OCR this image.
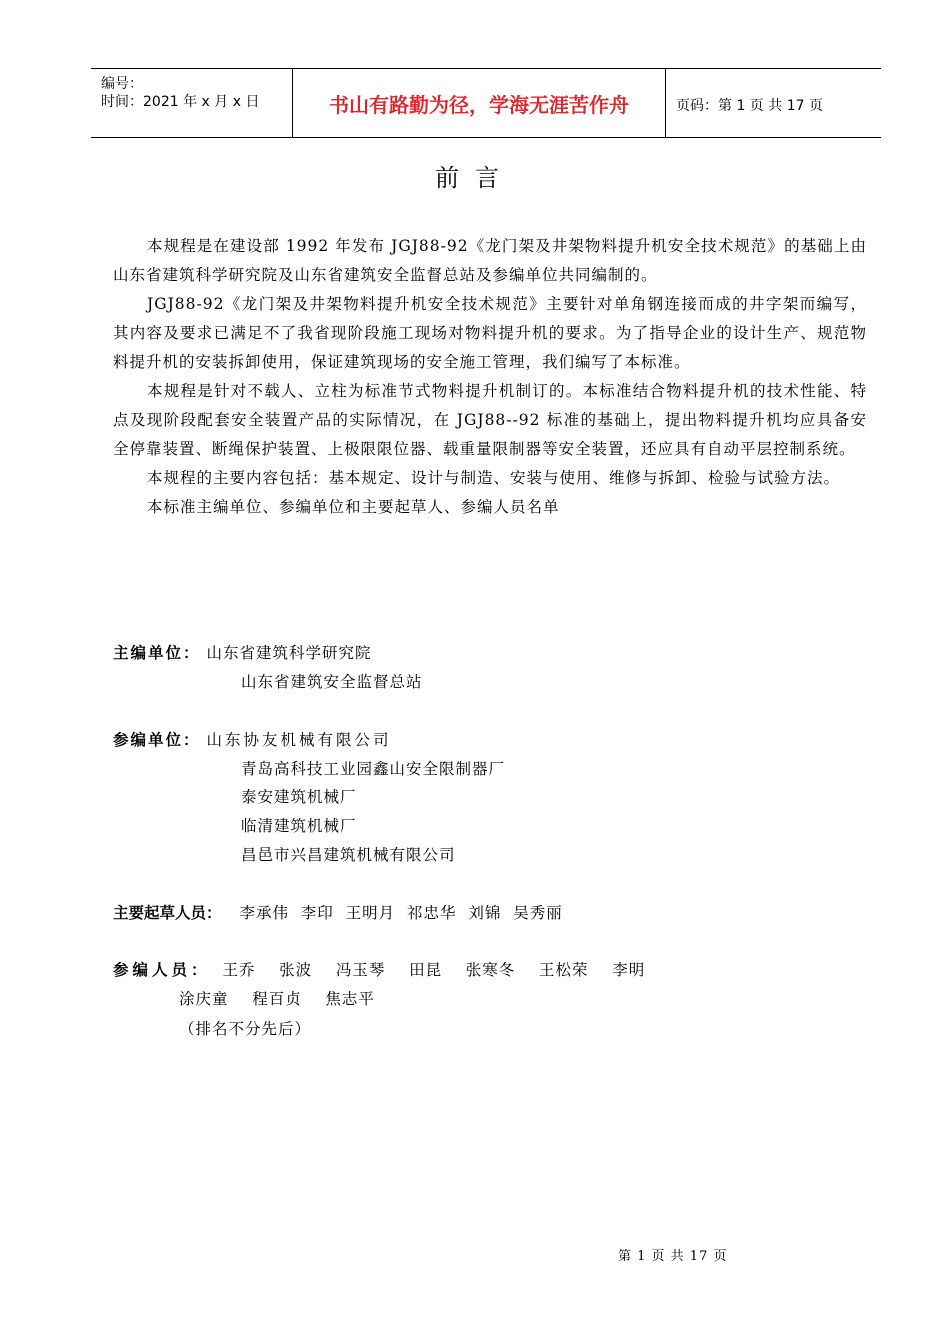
编号：
时间：2021 年 x 月 x 日	书山有路勤为径，学海无涯苦作舟	页码：第 1 页 共 17 页
前言

本规程是在建设部 1992 年发布 JGJ88-92《龙门架及井架物料提升机安全技术规范》的基础上由山东省建筑科学研究院及山东省建筑安全监督总站及参编单位共同编制的。

JGJ88-92《龙门架及井架物料提升机安全技术规范》主要针对单角钢连接而成的井字架而编写，其内容及要求已满足不了我省现阶段施工现场对物料提升机的要求。为了指导企业的设计生产、规范物料提升机的安装拆卸使用，保证建筑现场的安全施工管理，我们编写了本标准。

本规程是针对不载人、立柱为标准节式物料提升机制订的。本标准结合物料提升机的技术性能、特点及现阶段配套安全装置产品的实际情况，在 JGJ88--92 标准的基础上，提出物料提升机均应具备安全停靠装置、断绳保护装置、上极限限位器、载重量限制器等安全装置，还应具有自动平层控制系统。

本规程的主要内容包括：基本规定、设计与制造、安装与使用、维修与拆卸、检验与试验方法。

本标准主编单位、参编单位和主要起草人、参编人员名单

主编单位： 山东省建筑科学研究院
山东省建筑安全监督总站
参编单位： 山东协友机械有限公司
青岛高科技工业园鑫山安全限制器厂
泰安建筑机械厂
临清建筑机械厂
昌邑市兴昌建筑机械有限公司
主要起草人员： 李承伟  李印  王明月  祁忠华  刘锦  吴秀丽
参编人员： 王乔    张波    冯玉琴    田昆    张寒冬    王松荣    李明
涂庆童    程百贞    焦志平
（排名不分先后）
第 1 页 共 17 页
